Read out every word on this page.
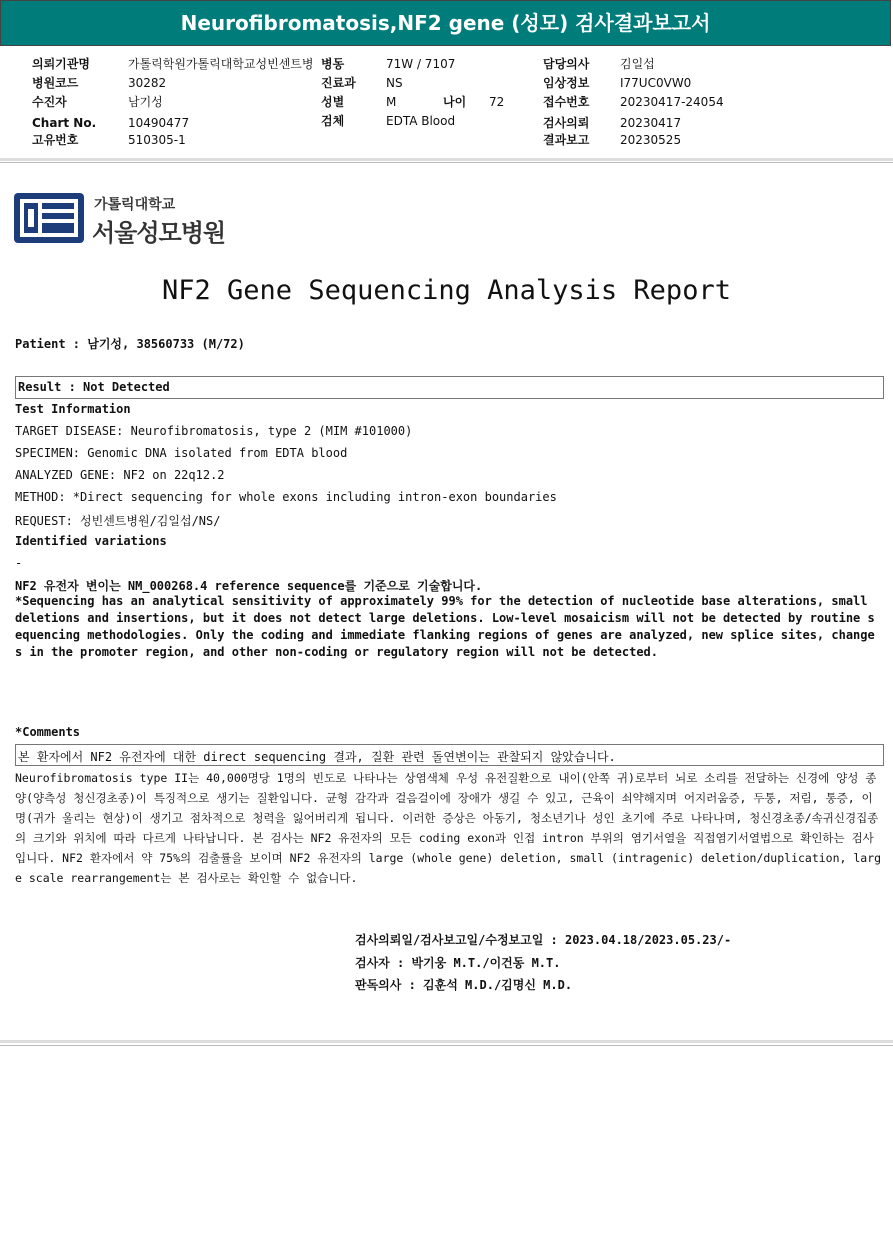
Neurofibromatosis,NF2 gene (성모) 검사결과보고서
의뢰기관명	가톨릭학원가톨릭대학교성빈센트병 병동	71W / 7107	담당의사	김일섭
병원코드	30282	진료과	NS	임상정보	I77UC0VW0
수진자	남기성	성별	M	나이 72	접수번호	20230417-24054
Chart No.	10490477	검체	EDTA Blood	검사의뢰	20230417
고유번호	510305-1	결과보고	20230525
가톨릭대학교
서울성모병원
NF2 Gene Sequencing Analysis Report
Patient : 남기성, 38560733 (M/72)
Result : Not Detected
Test Information
TARGET DISEASE: Neurofibromatosis, type 2 (MIM #101000)
SPECIMEN: Genomic DNA isolated from EDTA blood
ANALYZED GENE: NF2 on 22q12.2
METHOD: *Direct sequencing for whole exons including intron-exon boundaries
REQUEST: 성빈센트병원/김일섭/NS/
Identified variations
-
NF2 유전자 변이는 NM_000268.4 reference sequence를 기준으로 기술합니다.
*Sequencing has an analytical sensitivity of approximately 99% for the detection of nucleotide base alterations, small deletions and insertions, but it does not detect large deletions. Low-level mosaicism will not be detected by routine sequencing methodologies. Only the coding and immediate flanking regions of genes are analyzed, new splice sites, changes in the promoter region, and other non-coding or regulatory region will not be detected.
*Comments
본 환자에서 NF2 유전자에 대한 direct sequencing 결과, 질환 관련 돌연변이는 관찰되지 않았습니다.
Neurofibromatosis type II는 40,000명당 1명의 빈도로 나타나는 상염색체 우성 유전질환으로 내이(안쪽 귀)로부터 뇌로 소리를 전달하는 신경에 양성 종양(양측성 청신경초종)이 특징적으로 생기는 질환입니다. 균형 감각과 걸음걸이에 장애가 생길 수 있고, 근육이 쇠약해지며 어지러움증, 두통, 저림, 통증, 이명(귀가 울리는 현상)이 생기고 점차적으로 청력을 잃어버리게 됩니다. 이러한 증상은 아동기, 청소년기나 성인 초기에 주로 나타나며, 청신경초종/속귀신경집종의 크기와 위치에 따라 다르게 나타납니다. 본 검사는 NF2 유전자의 모든 coding exon과 인접 intron 부위의 염기서열을 직접염기서열법으로 확인하는 검사입니다. NF2 환자에서 약 75%의 검출률을 보이며 NF2 유전자의 large (whole gene) deletion, small (intragenic) deletion/duplication, large scale rearrangement는 본 검사로는 확인할 수 없습니다.
검사의뢰일/검사보고일/수정보고일 : 2023.04.18/2023.05.23/-
검사자 : 박기웅 M.T./이건동 M.T.
판독의사 : 김훈석 M.D./김명신 M.D.
